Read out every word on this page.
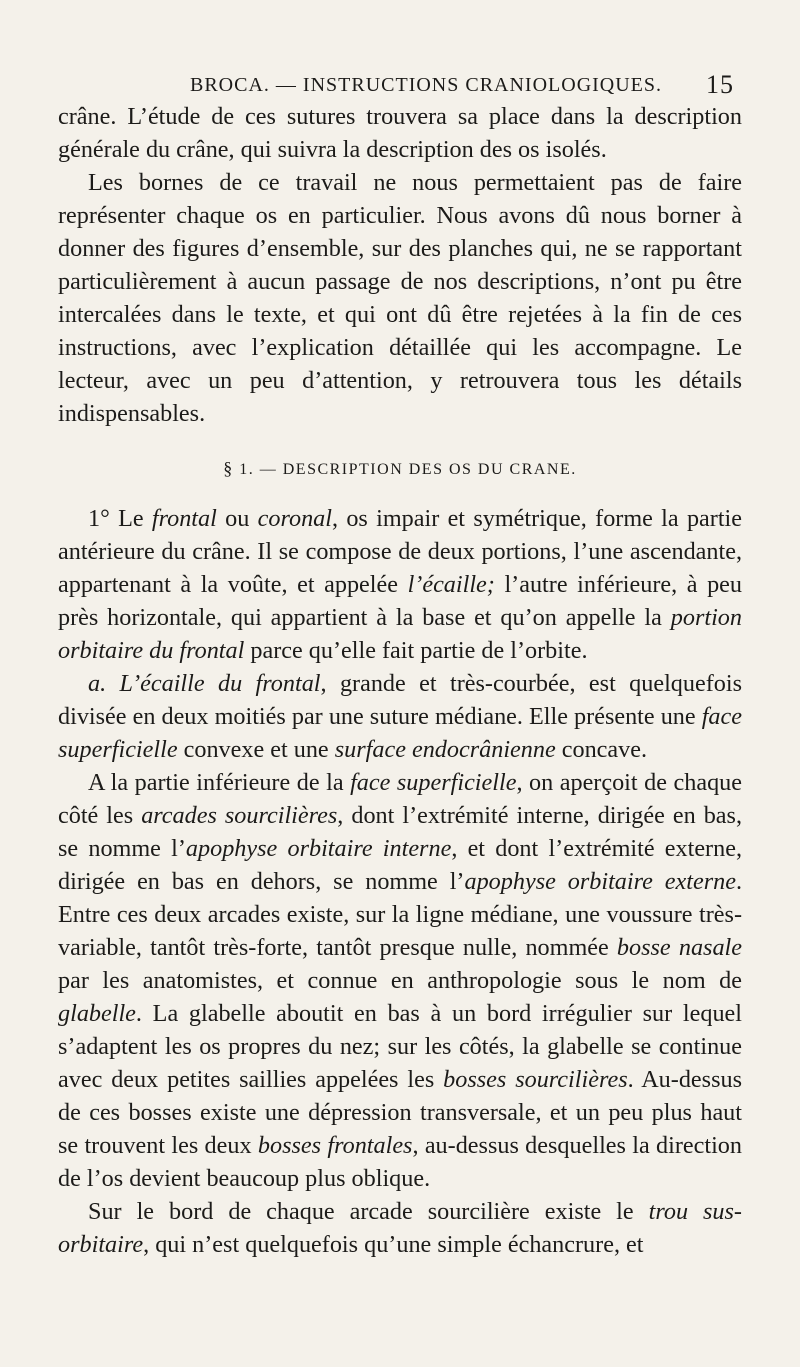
BROCA. — INSTRUCTIONS CRANIOLOGIQUES. 15

crâne. L’étude de ces sutures trouvera sa place dans la description générale du crâne, qui suivra la description des os isolés.

Les bornes de ce travail ne nous permettaient pas de faire représenter chaque os en particulier. Nous avons dû nous borner à donner des figures d’ensemble, sur des planches qui, ne se rapportant particulièrement à aucun passage de nos descriptions, n’ont pu être intercalées dans le texte, et qui ont dû être rejetées à la fin de ces instructions, avec l’explication détaillée qui les accompagne. Le lecteur, avec un peu d’attention, y retrouvera tous les détails indispensables.

§ 1. — DESCRIPTION DES OS DU CRANE.

1° Le frontal ou coronal, os impair et symétrique, forme la partie antérieure du crâne. Il se compose de deux portions, l’une ascendante, appartenant à la voûte, et appelée l’écaille; l’autre inférieure, à peu près horizontale, qui appartient à la base et qu’on appelle la portion orbitaire du frontal parce qu’elle fait partie de l’orbite.

a. L’écaille du frontal, grande et très-courbée, est quelquefois divisée en deux moitiés par une suture médiane. Elle présente une face superficielle convexe et une surface endocrânienne concave.

A la partie inférieure de la face superficielle, on aperçoit de chaque côté les arcades sourcilières, dont l’extrémité interne, dirigée en bas, se nomme l’apophyse orbitaire interne, et dont l’extrémité externe, dirigée en bas en dehors, se nomme l’apophyse orbitaire externe. Entre ces deux arcades existe, sur la ligne médiane, une voussure très-variable, tantôt très-forte, tantôt presque nulle, nommée bosse nasale par les anatomistes, et connue en anthropologie sous le nom de glabelle. La glabelle aboutit en bas à un bord irrégulier sur lequel s’adaptent les os propres du nez; sur les côtés, la glabelle se continue avec deux petites saillies appelées les bosses sourcilières. Au-dessus de ces bosses existe une dépression transversale, et un peu plus haut se trouvent les deux bosses frontales, au-dessus desquelles la direction de l’os devient beaucoup plus oblique.

Sur le bord de chaque arcade sourcilière existe le trou sus-orbitaire, qui n’est quelquefois qu’une simple échancrure, et
